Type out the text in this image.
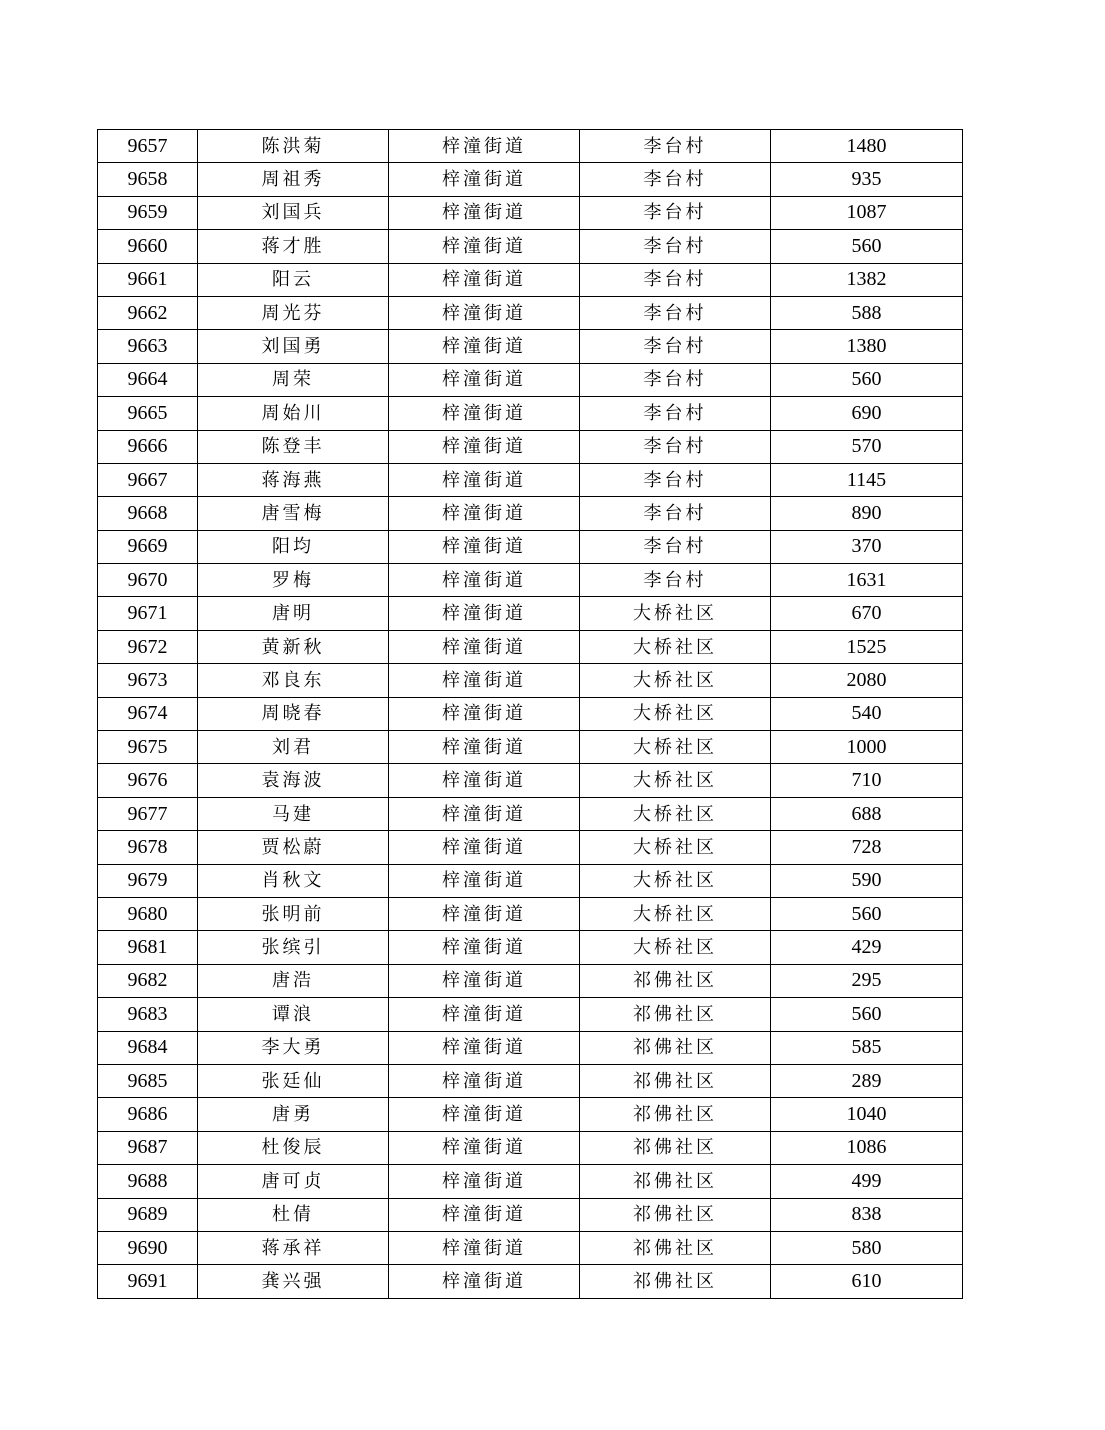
9657	陈洪菊	梓潼街道	李台村	1480
9658	周祖秀	梓潼街道	李台村	935
9659	刘国兵	梓潼街道	李台村	1087
9660	蒋才胜	梓潼街道	李台村	560
9661	阳云	梓潼街道	李台村	1382
9662	周光芬	梓潼街道	李台村	588
9663	刘国勇	梓潼街道	李台村	1380
9664	周荣	梓潼街道	李台村	560
9665	周始川	梓潼街道	李台村	690
9666	陈登丰	梓潼街道	李台村	570
9667	蒋海燕	梓潼街道	李台村	1145
9668	唐雪梅	梓潼街道	李台村	890
9669	阳均	梓潼街道	李台村	370
9670	罗梅	梓潼街道	李台村	1631
9671	唐明	梓潼街道	大桥社区	670
9672	黄新秋	梓潼街道	大桥社区	1525
9673	邓良东	梓潼街道	大桥社区	2080
9674	周晓春	梓潼街道	大桥社区	540
9675	刘君	梓潼街道	大桥社区	1000
9676	袁海波	梓潼街道	大桥社区	710
9677	马建	梓潼街道	大桥社区	688
9678	贾松蔚	梓潼街道	大桥社区	728
9679	肖秋文	梓潼街道	大桥社区	590
9680	张明前	梓潼街道	大桥社区	560
9681	张缤引	梓潼街道	大桥社区	429
9682	唐浩	梓潼街道	祁佛社区	295
9683	谭浪	梓潼街道	祁佛社区	560
9684	李大勇	梓潼街道	祁佛社区	585
9685	张廷仙	梓潼街道	祁佛社区	289
9686	唐勇	梓潼街道	祁佛社区	1040
9687	杜俊辰	梓潼街道	祁佛社区	1086
9688	唐可贞	梓潼街道	祁佛社区	499
9689	杜倩	梓潼街道	祁佛社区	838
9690	蒋承祥	梓潼街道	祁佛社区	580
9691	龚兴强	梓潼街道	祁佛社区	610
